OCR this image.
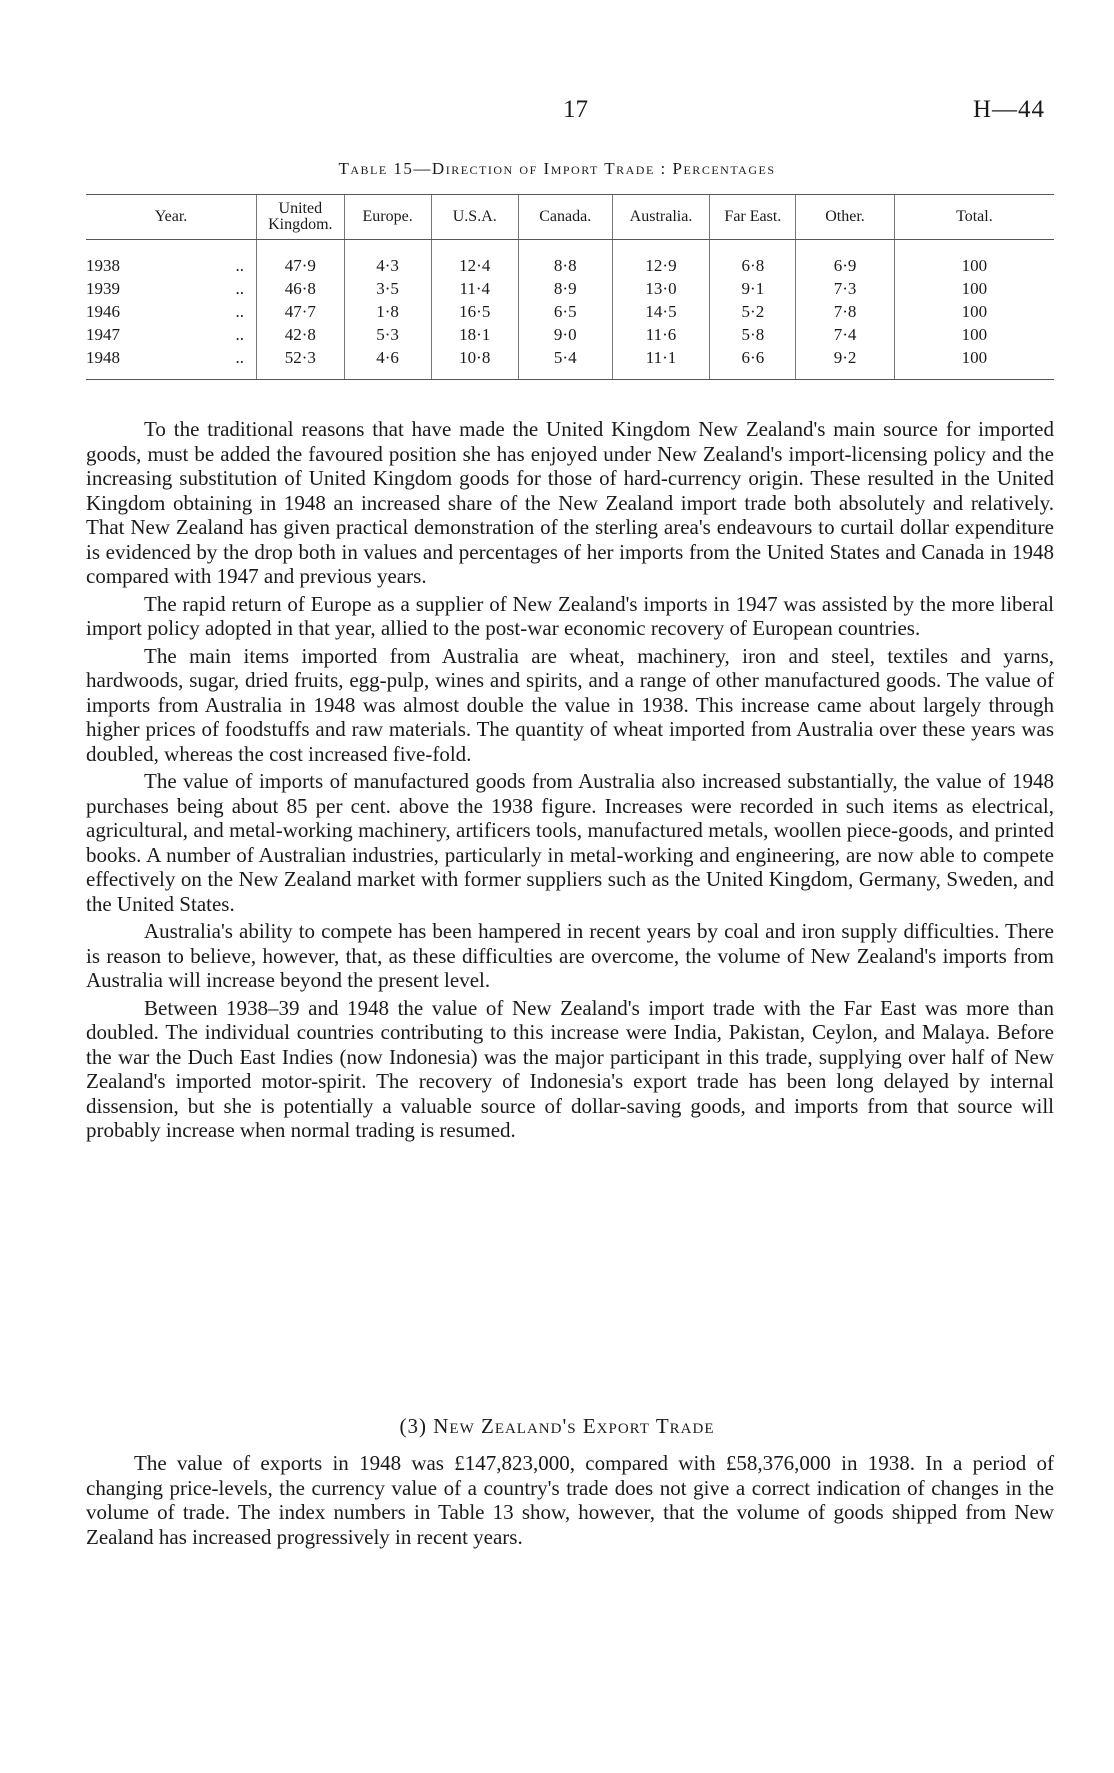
17	H—44
Table 15—Direction of Import Trade : Percentages
Year.	United Kingdom.	Europe.	U.S.A.	Canada.	Australia.	Far East.	Other.	Total.

1938 ..	47·9	4·3	12·4	8·8	12·9	6·8	6·9	100

1939 ..	46·8	3·5	11·4	8·9	13·0	9·1	7·3	100

1946 ..	47·7	1·8	16·5	6·5	14·5	5·2	7·8	100

1947 ..	42·8	5·3	18·1	9·0	11·6	5·8	7·4	100

1948 ..	52·3	4·6	10·8	5·4	11·1	6·6	9·2	100

To the traditional reasons that have made the United Kingdom New Zealand's main source for imported goods, must be added the favoured position she has enjoyed under New Zealand's import-licensing policy and the increasing substitution of United Kingdom goods for those of hard-currency origin. These resulted in the United Kingdom obtaining in 1948 an increased share of the New Zealand import trade both absolutely and relatively. That New Zealand has given practical demonstration of the sterling area's endeavours to curtail dollar expenditure is evidenced by the drop both in values and percentages of her imports from the United States and Canada in 1948 compared with 1947 and previous years.

The rapid return of Europe as a supplier of New Zealand's imports in 1947 was assisted by the more liberal import policy adopted in that year, allied to the post-war economic recovery of European countries.

The main items imported from Australia are wheat, machinery, iron and steel, textiles and yarns, hardwoods, sugar, dried fruits, egg-pulp, wines and spirits, and a range of other manufactured goods. The value of imports from Australia in 1948 was almost double the value in 1938. This increase came about largely through higher prices of foodstuffs and raw materials. The quantity of wheat imported from Australia over these years was doubled, whereas the cost increased five-fold.

The value of imports of manufactured goods from Australia also increased substantially, the value of 1948 purchases being about 85 per cent. above the 1938 figure. Increases were recorded in such items as electrical, agricultural, and metal-working machinery, artificers tools, manufactured metals, woollen piece-goods, and printed books. A number of Australian industries, particularly in metal-working and engineering, are now able to compete effectively on the New Zealand market with former suppliers such as the United Kingdom, Germany, Sweden, and the United States.

Australia's ability to compete has been hampered in recent years by coal and iron supply difficulties. There is reason to believe, however, that, as these difficulties are overcome, the volume of New Zealand's imports from Australia will increase beyond the present level.

Between 1938–39 and 1948 the value of New Zealand's import trade with the Far East was more than doubled. The individual countries contributing to this increase were India, Pakistan, Ceylon, and Malaya. Before the war the Duch East Indies (now Indonesia) was the major participant in this trade, supplying over half of New Zealand's imported motor-spirit. The recovery of Indonesia's export trade has been long delayed by internal dissension, but she is potentially a valuable source of dollar-saving goods, and imports from that source will probably increase when normal trading is resumed.

(3) New Zealand's Export Trade

The value of exports in 1948 was £147,823,000, compared with £58,376,000 in 1938. In a period of changing price-levels, the currency value of a country's trade does not give a correct indication of changes in the volume of trade. The index numbers in Table 13 show, however, that the volume of goods shipped from New Zealand has increased progressively in recent years.
